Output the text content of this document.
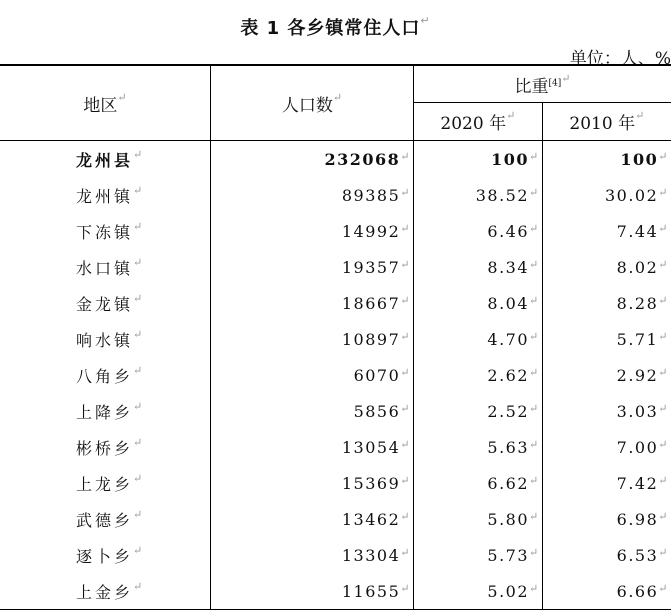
表 1 各乡镇常住人口↵
单位：人、%
地区↵	人口数↵	比重$^{[4]↵}$
		2020 年↵	2010 年↵
龙州县↵	232068↵	100↵	100↵
龙州镇↵	89385↵	38.52↵	30.02↵
下冻镇↵	14992↵	6.46↵	7.44↵
水口镇↵	19357↵	8.34↵	8.02↵
金龙镇↵	18667↵	8.04↵	8.28↵
响水镇↵	10897↵	4.70↵	5.71↵
八角乡↵	6070↵	2.62↵	2.92↵
上降乡↵	5856↵	2.52↵	3.03↵
彬桥乡↵	13054↵	5.63↵	7.00↵
上龙乡↵	15369↵	6.62↵	7.42↵
武德乡↵	13462↵	5.80↵	6.98↵
逐卜乡↵	13304↵	5.73↵	6.53↵
上金乡↵	11655↵	5.02↵	6.66↵
